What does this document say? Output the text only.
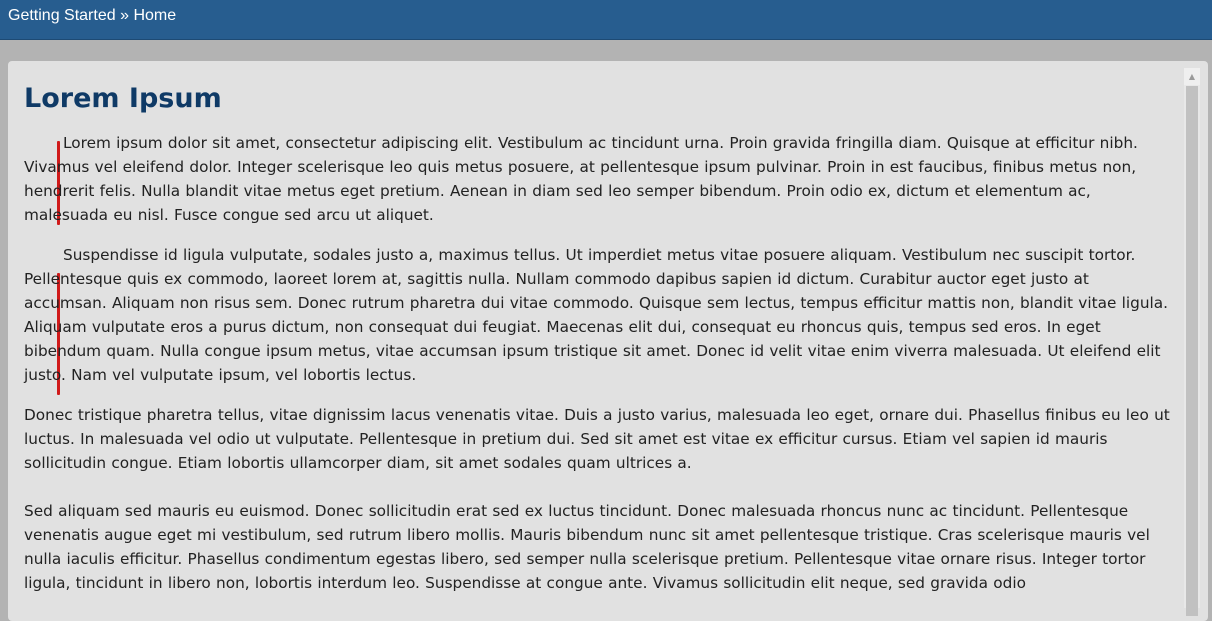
Getting Started » Home
Lorem Ipsum

Lorem ipsum dolor sit amet, consectetur adipiscing elit. Vestibulum ac tincidunt urna. Proin gravida fringilla diam. Quisque at efficitur nibh. Vivamus vel eleifend dolor. Integer scelerisque leo quis metus posuere, at pellentesque ipsum pulvinar. Proin in est faucibus, finibus metus non, hendrerit felis. Nulla blandit vitae metus eget pretium. Aenean in diam sed leo semper bibendum. Proin odio ex, dictum et elementum ac, malesuada eu nisl. Fusce congue sed arcu ut aliquet.

Suspendisse id ligula vulputate, sodales justo a, maximus tellus. Ut imperdiet metus vitae posuere aliquam. Vestibulum nec suscipit tortor. Pellentesque quis ex commodo, laoreet lorem at, sagittis nulla. Nullam commodo dapibus sapien id dictum. Curabitur auctor eget justo at accumsan. Aliquam non risus sem. Donec rutrum pharetra dui vitae commodo. Quisque sem lectus, tempus efficitur mattis non, blandit vitae ligula. Aliquam vulputate eros a purus dictum, non consequat dui feugiat. Maecenas elit dui, consequat eu rhoncus quis, tempus sed eros. In eget bibendum quam. Nulla congue ipsum metus, vitae accumsan ipsum tristique sit amet. Donec id velit vitae enim viverra malesuada. Ut eleifend elit justo. Nam vel vulputate ipsum, vel lobortis lectus.

Donec tristique pharetra tellus, vitae dignissim lacus venenatis vitae. Duis a justo varius, malesuada leo eget, ornare dui. Phasellus finibus eu leo ut luctus. In malesuada vel odio ut vulputate. Pellentesque in pretium dui. Sed sit amet est vitae ex efficitur cursus. Etiam vel sapien id mauris sollicitudin congue. Etiam lobortis ullamcorper diam, sit amet sodales quam ultrices a.

Sed aliquam sed mauris eu euismod. Donec sollicitudin erat sed ex luctus tincidunt. Donec malesuada rhoncus nunc ac tincidunt. Pellentesque venenatis augue eget mi vestibulum, sed rutrum libero mollis. Mauris bibendum nunc sit amet pellentesque tristique. Cras scelerisque mauris vel nulla iaculis efficitur. Phasellus condimentum egestas libero, sed semper nulla scelerisque pretium. Pellentesque vitae ornare risus. Integer tortor ligula, tincidunt in libero non, lobortis interdum leo. Suspendisse at congue ante. Vivamus sollicitudin elit neque, sed gravida odio

▲
